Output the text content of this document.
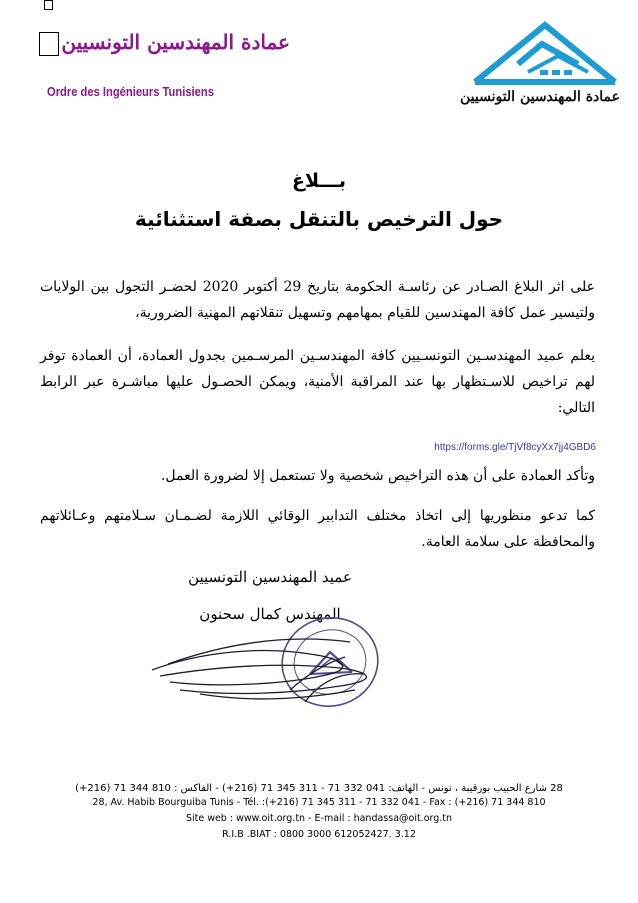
عمادة المهندسين التونسيين
Ordre des Ingénieurs Tunisiens	عمادة المهندسين التونسيين
بـــلاغ
حول الترخيص بالتنقل بصفة استثنائية
على اثر البلاغ الصـادر عن رئاسـة الحكومة بتاريخ 29 أكتوبر 2020 لحضـر التجول بين الولايات ولتيسير عمل كافة المهندسين للقيام بمهامهم وتسهيل تنقلاتهم المهنية الضرورية،
يعلم عميد المهندسـين التونسـيين كافة المهندسـين المرسـمين بجدول العمادة، أن العمادة توفر لهم تراخيص للاسـتظهار بها عند المراقبة الأمنية، ويمكن الحصـول عليها مباشـرة عبر الرابط التالي:
https://forms.gle/TjVf8cyXx7jj4GBD6
وتأكد العمادة على أن هذه التراخيص شخصية ولا تستعمل إلا لضرورة العمل.
كما تدعو منظوريها إلى اتخاذ مختلف التدابير الوقائي اللازمة لضـمـان سـلامتهم وعـائلاتهم والمحافظة على سلامة العامة.
عميد المهندسين التونسيين
المهندس كمال سحنون
28 شارع الحبيب بورقيبة ، تونس - الهاتف: 041 332 71 - 311 345 71 (216+) - الفاكس : 810 344 71 (216+)
28, Av. Habib Bourguiba Tunis - Tél. :(+216) 71 345 311 - 71 332 041 - Fax : (+216) 71 344 810
Site web : www.oit.org.tn - E-mail : handassa@oit.org.tn
R.I.B .BIAT : 0800 3000 612052427. 3.12
